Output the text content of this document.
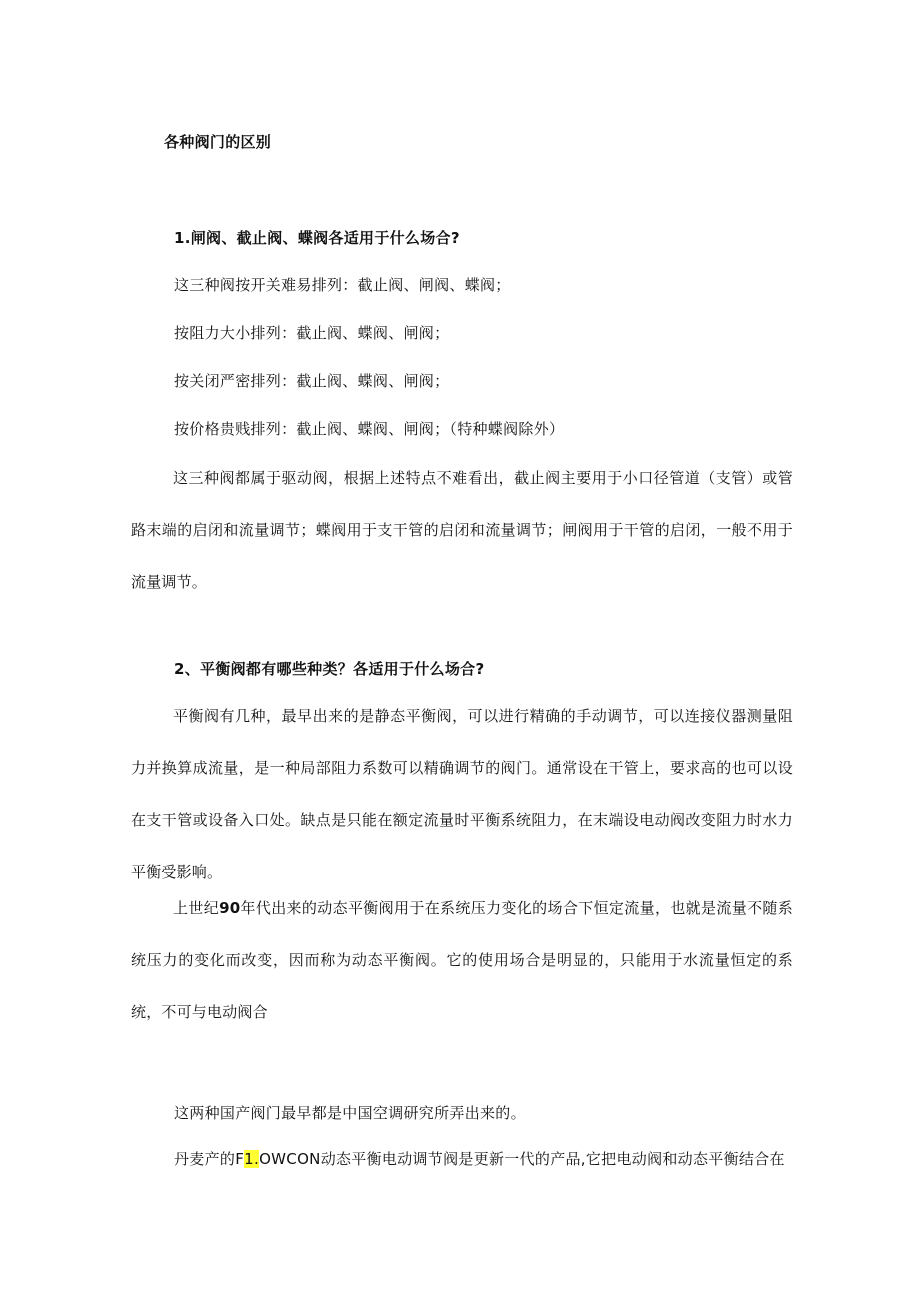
各种阀门的区别
1.闸阀、截止阀、蝶阀各适用于什么场合?
这三种阀按开关难易排列：截止阀、闸阀、蝶阀；
按阻力大小排列：截止阀、蝶阀、闸阀；
按关闭严密排列：截止阀、蝶阀、闸阀；
按价格贵贱排列：截止阀、蝶阀、闸阀；（特种蝶阀除外）
这三种阀都属于驱动阀，根据上述特点不难看出，截止阀主要用于小口径管道（支管）或管路末端的启闭和流量调节；蝶阀用于支干管的启闭和流量调节；闸阀用于干管的启闭，一般不用于流量调节。
2、平衡阀都有哪些种类？各适用于什么场合?
平衡阀有几种，最早出来的是静态平衡阀，可以进行精确的手动调节，可以连接仪器测量阻力并换算成流量，是一种局部阻力系数可以精确调节的阀门。通常设在干管上，要求高的也可以设在支干管或设备入口处。缺点是只能在额定流量时平衡系统阻力，在末端设电动阀改变阻力时水力平衡受影响。
上世纪90年代出来的动态平衡阀用于在系统压力变化的场合下恒定流量，也就是流量不随系统压力的变化而改变，因而称为动态平衡阀。它的使用场合是明显的，只能用于水流量恒定的系统，不可与电动阀合
这两种国产阀门最早都是中国空调研究所弄出来的。
丹麦产的F1.OWCON动态平衡电动调节阀是更新一代的产品,它把电动阀和动态平衡结合在
